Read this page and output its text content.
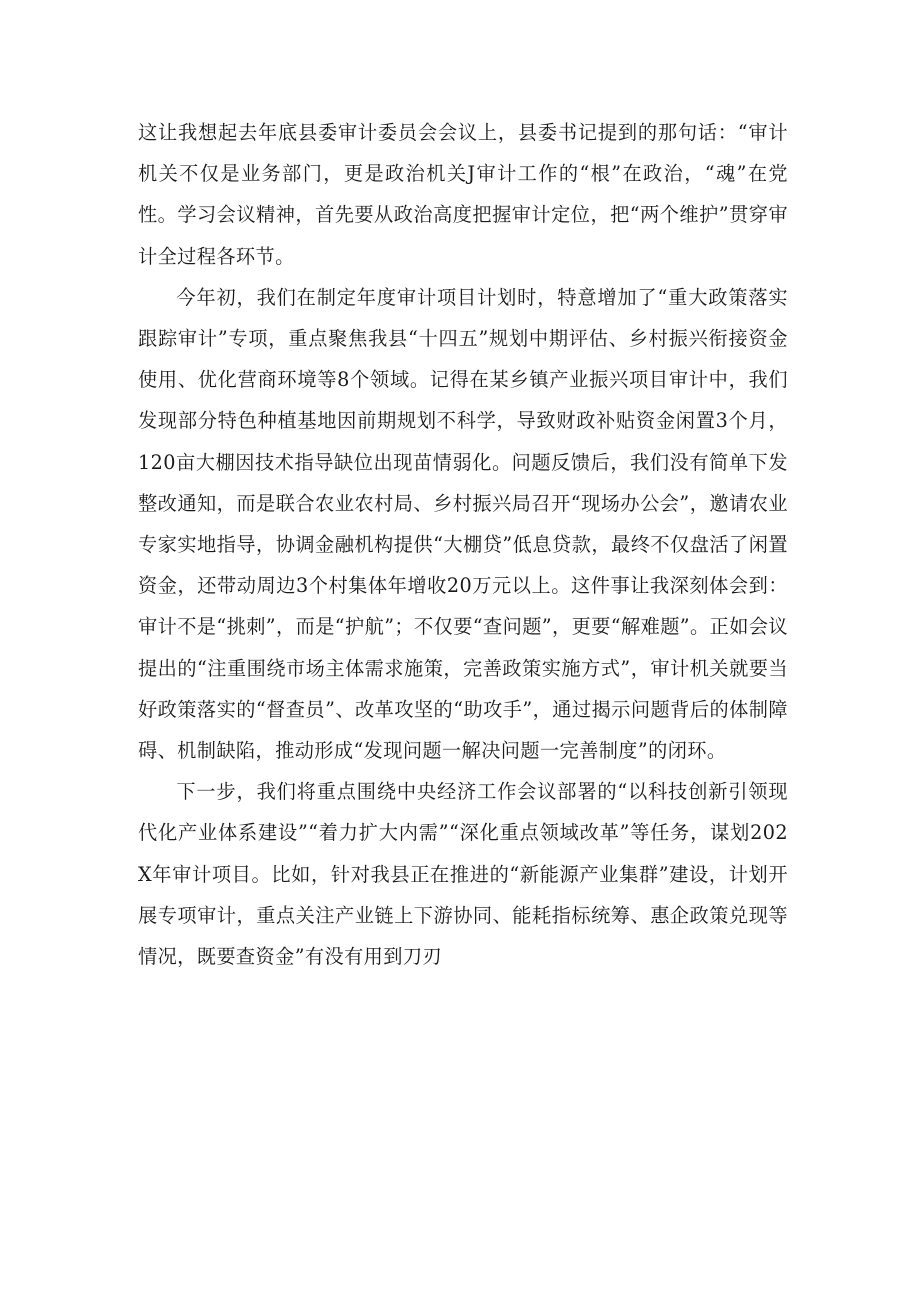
这让我想起去年底县委审计委员会会议上，县委书记提到的那句话：“审计机关不仅是业务部门，更是政治机关J审计工作的“根”在政治，“魂”在党性。学习会议精神，首先要从政治高度把握审计定位，把“两个维护”贯穿审计全过程各环节。

今年初，我们在制定年度审计项目计划时，特意增加了“重大政策落实跟踪审计”专项，重点聚焦我县“十四五”规划中期评估、乡村振兴衔接资金使用、优化营商环境等8个领域。记得在某乡镇产业振兴项目审计中，我们发现部分特色种植基地因前期规划不科学，导致财政补贴资金闲置3个月，120亩大棚因技术指导缺位出现苗情弱化。问题反馈后，我们没有简单下发整改通知，而是联合农业农村局、乡村振兴局召开“现场办公会”，邀请农业专家实地指导，协调金融机构提供“大棚贷”低息贷款，最终不仅盘活了闲置资金，还带动周边3个村集体年增收20万元以上。这件事让我深刻体会到：审计不是“挑刺”，而是“护航”；不仅要“查问题”，更要“解难题”。正如会议提出的“注重围绕市场主体需求施策，完善政策实施方式”，审计机关就要当好政策落实的“督查员”、改革攻坚的“助攻手”，通过揭示问题背后的体制障碍、机制缺陷，推动形成“发现问题一解决问题一完善制度”的闭环。

下一步，我们将重点围绕中央经济工作会议部署的“以科技创新引领现代化产业体系建设”“着力扩大内需”“深化重点领域改革”等任务，谋划202X年审计项目。比如，针对我县正在推进的“新能源产业集群”建设，计划开展专项审计，重点关注产业链上下游协同、能耗指标统筹、惠企政策兑现等情况，既要查资金”有没有用到刀刃
